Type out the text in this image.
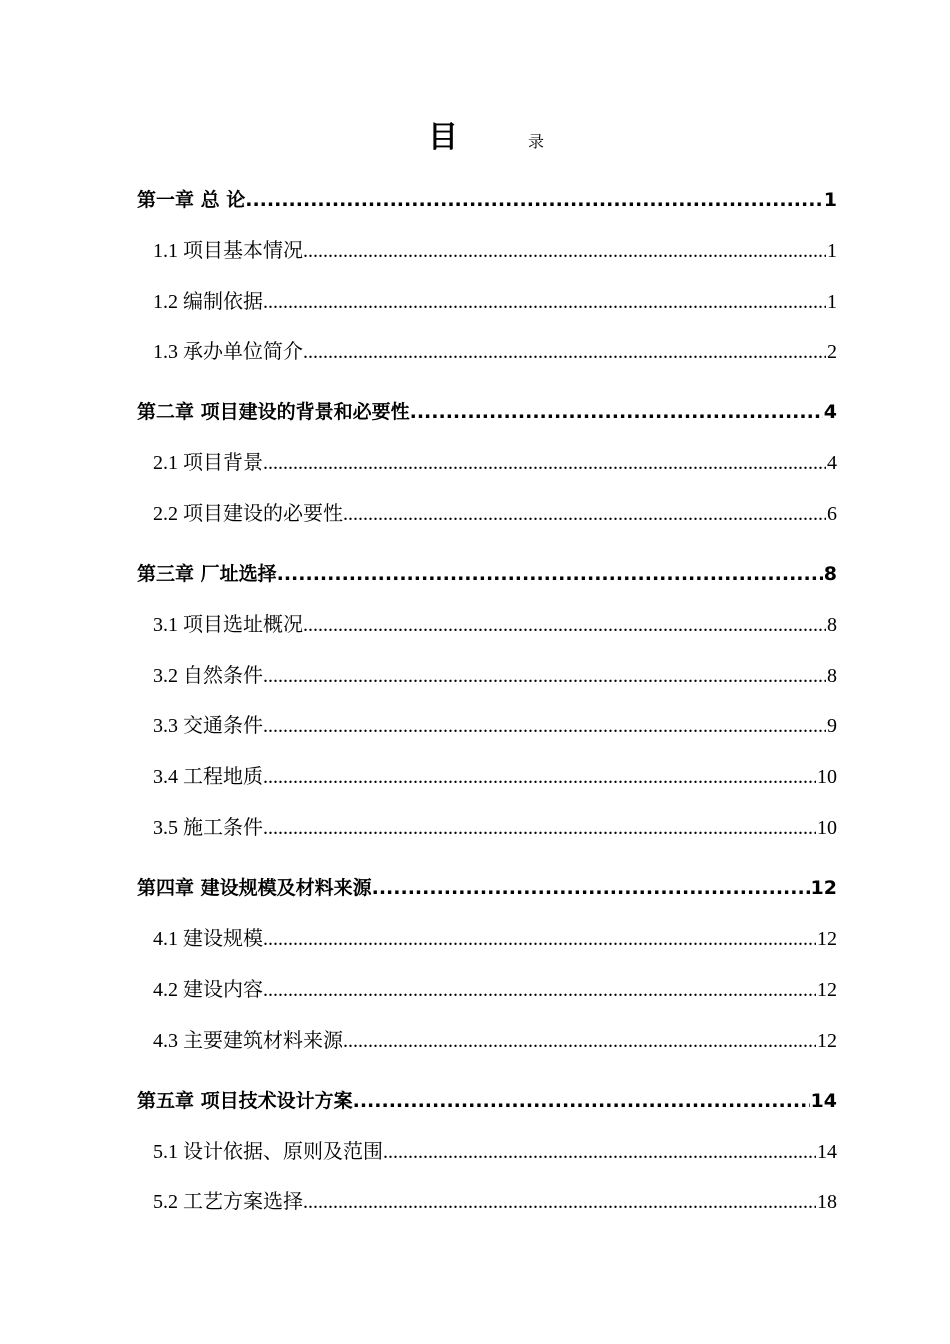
目	录
第一章 总 论 .....	1
1.1 项目基本情况 .....	1
1.2 编制依据 .....	1
1.3 承办单位简介 .....	2
第二章 项目建设的背景和必要性 .....	4
2.1 项目背景 .....	4
2.2 项目建设的必要性 .....	6
第三章 厂址选择 .....	8
3.1 项目选址概况 .....	8
3.2 自然条件 .....	8
3.3 交通条件 .....	9
3.4 工程地质 .....	10
3.5 施工条件 .....	10
第四章 建设规模及材料来源 .....	12
4.1 建设规模 .....	12
4.2 建设内容 .....	12
4.3 主要建筑材料来源 .....	12
第五章 项目技术设计方案 .....	14
5.1 设计依据、原则及范围 .....	14
5.2 工艺方案选择 .....	18
